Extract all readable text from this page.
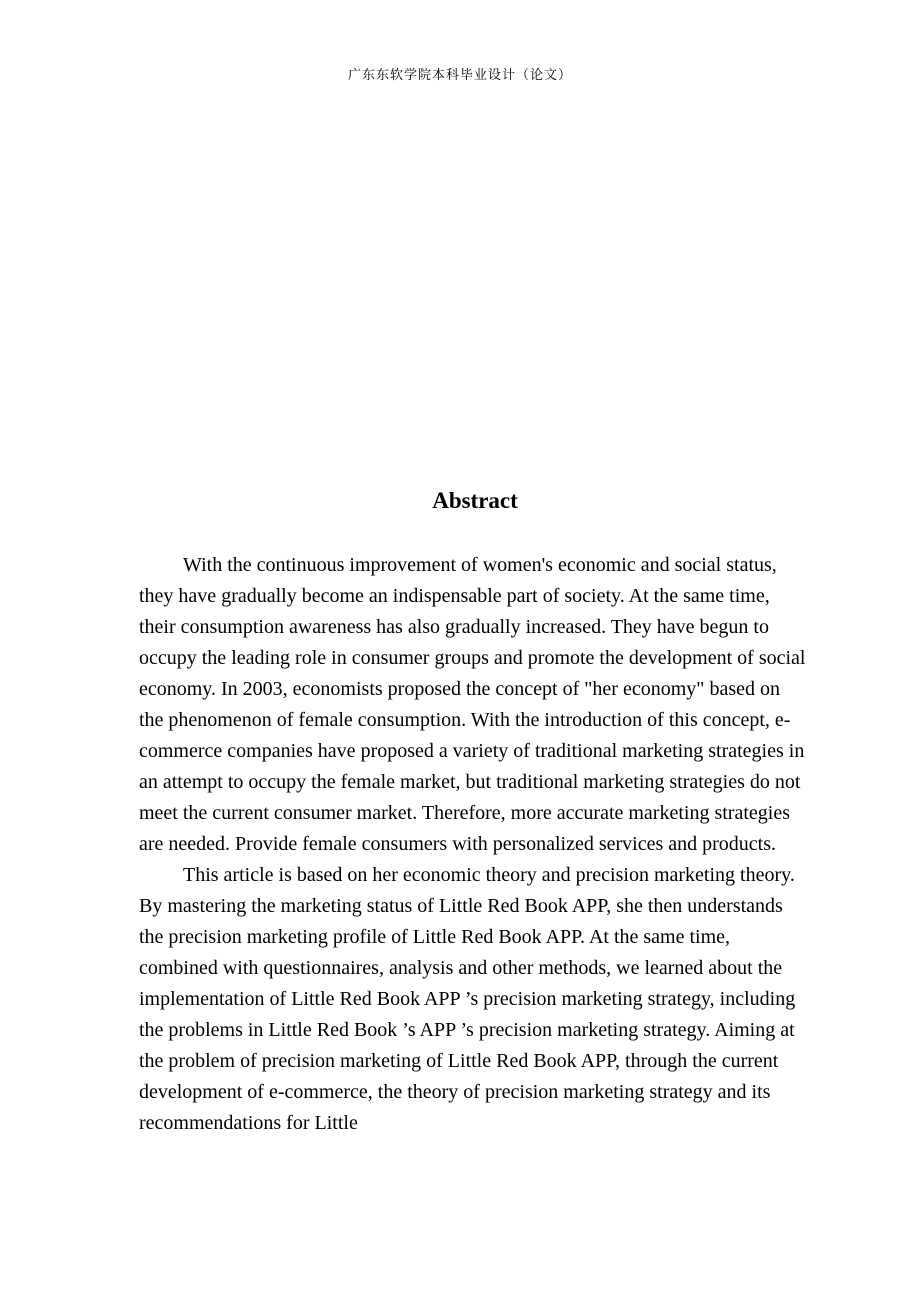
广东东软学院本科毕业设计（论文）
Abstract

With the continuous improvement of women's economic and social status, they have gradually become an indispensable part of society. At the same time, their consumption awareness has also gradually increased. They have begun to occupy the leading role in consumer groups and promote the development of social economy. In 2003, economists proposed the concept of "her economy" based on the phenomenon of female consumption. With the introduction of this concept, e-commerce companies have proposed a variety of traditional marketing strategies in an attempt to occupy the female market, but traditional marketing strategies do not meet the current consumer market. Therefore, more accurate marketing strategies are needed. Provide female consumers with personalized services and products.

This article is based on her economic theory and precision marketing theory. By mastering the marketing status of Little Red Book APP, she then understands the precision marketing profile of Little Red Book APP. At the same time, combined with questionnaires, analysis and other methods, we learned about the implementation of Little Red Book APP ’s precision marketing strategy, including the problems in Little Red Book ’s APP ’s precision marketing strategy. Aiming at the problem of precision marketing of Little Red Book APP, through the current development of e-commerce, the theory of precision marketing strategy and its recommendations for Little
